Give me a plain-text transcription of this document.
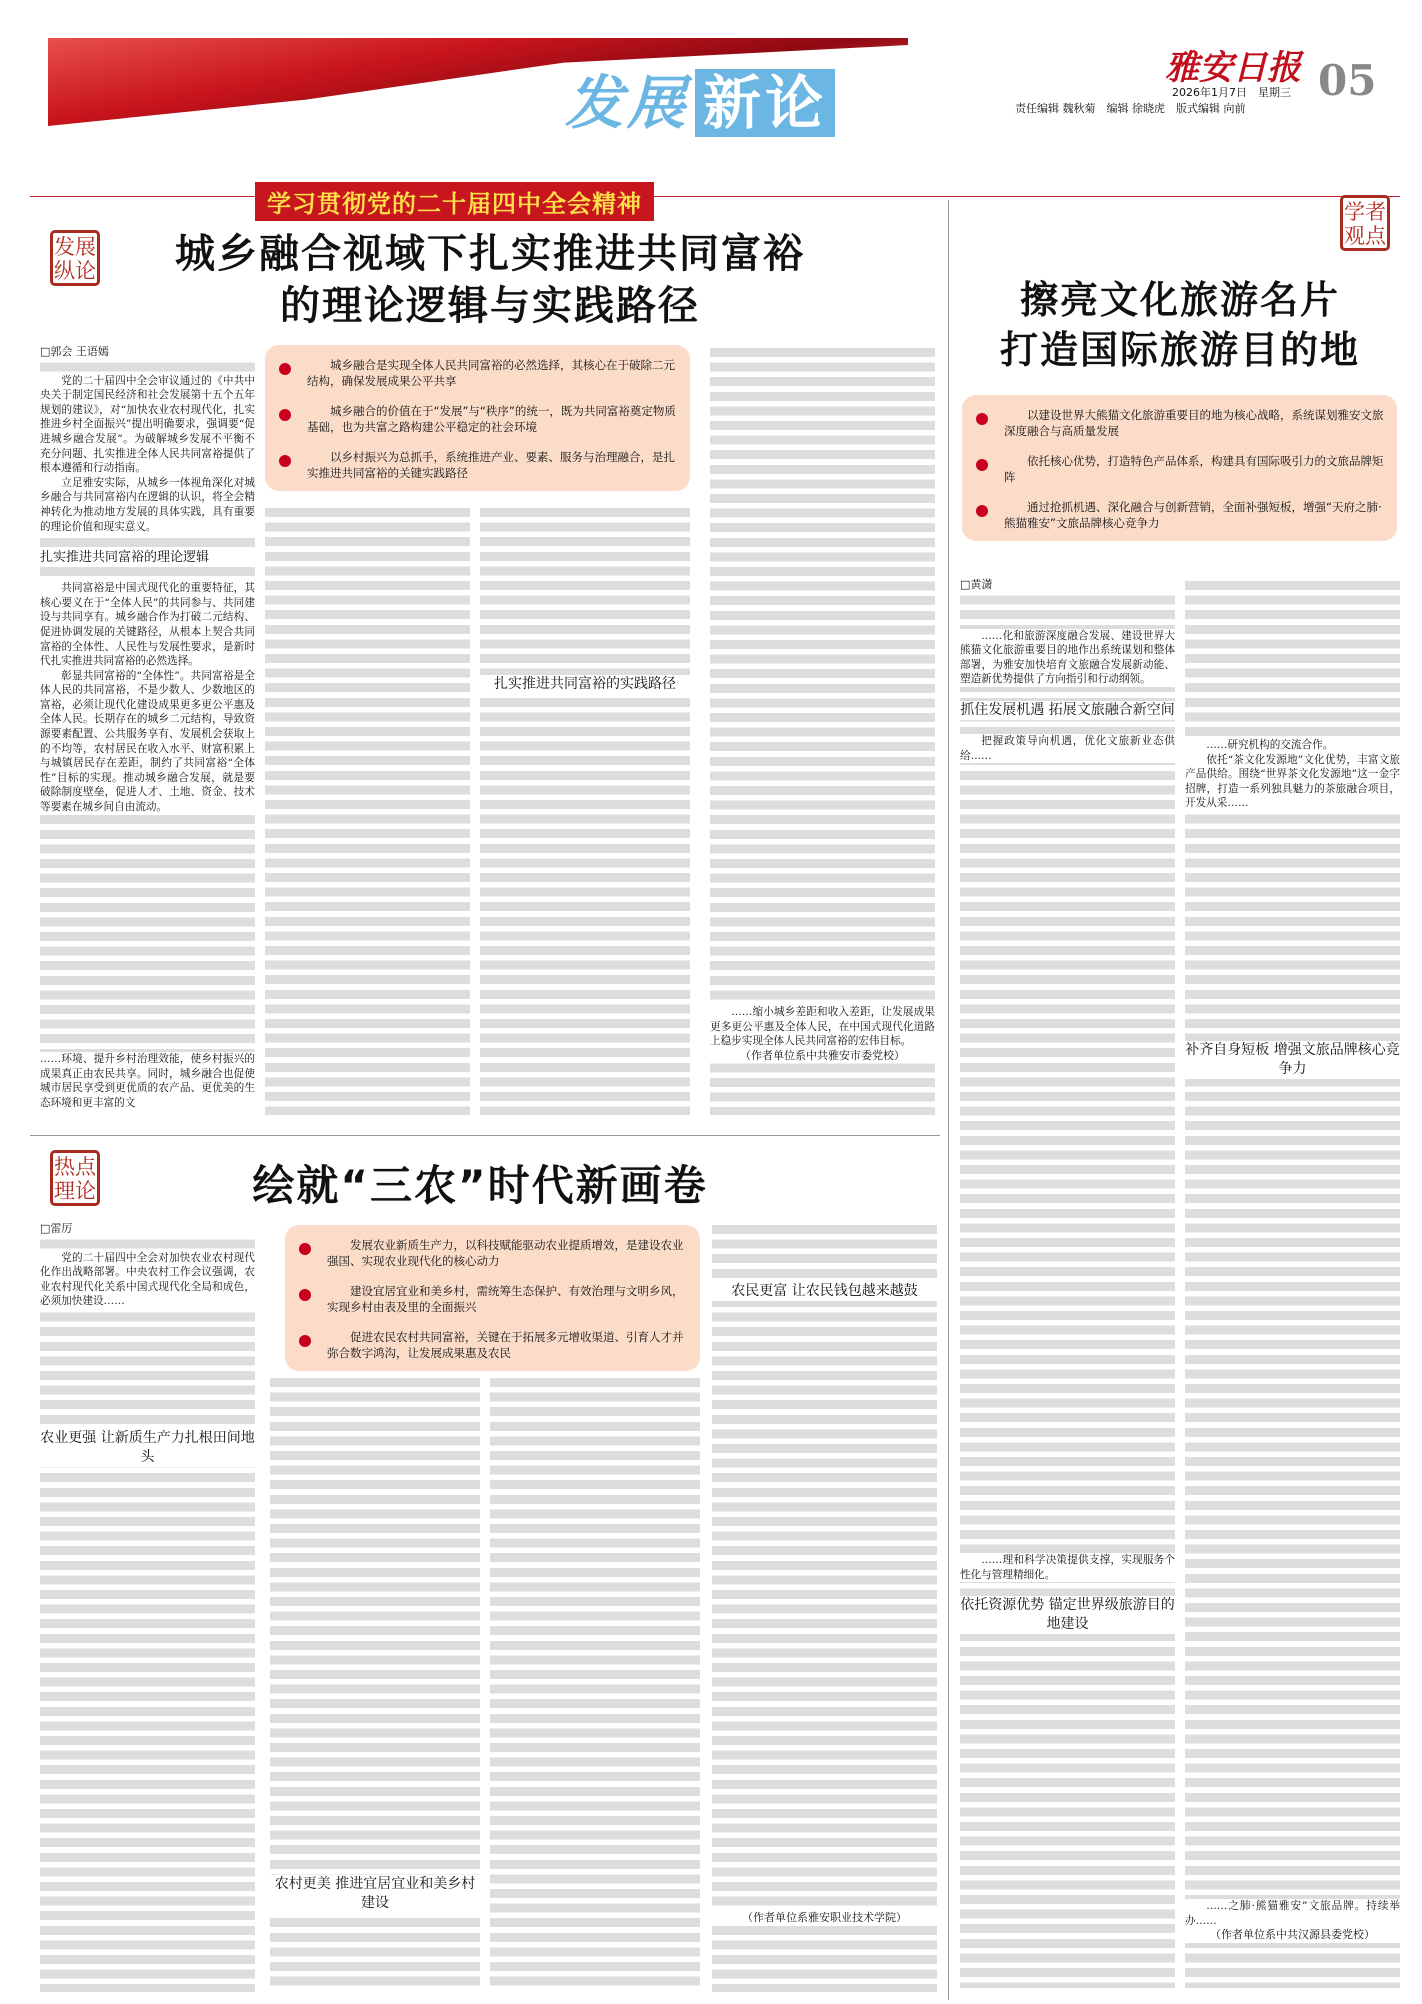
发展 新论
雅安日报 05
2026年1月7日　 星期三
责任编辑 魏秋菊　编辑 徐晓虎　版式编辑 向前
学习贯彻党的二十届四中全会精神
发展纵论	城乡融合视域下扎实推进共同富裕
的理论逻辑与实践路径
城乡融合是实现全体人民共同富裕的必然选择，其核心在于破除二元结构，确保发展成果公平共享
城乡融合的价值在于“发展”与“秩序”的统一，既为共同富裕奠定物质基础，也为共富之路构建公平稳定的社会环境
以乡村振兴为总抓手，系统推进产业、要素、服务与治理融合，是扎实推进共同富裕的关键实践路径

□郭会 王语嫣

党的二十届四中全会审议通过的《中共中央关于制定国民经济和社会发展第十五个五年规划的建议》，对“加快农业农村现代化，扎实推进乡村全面振兴”提出明确要求，强调要“促进城乡融合发展”。为破解城乡发展不平衡不充分问题、扎实推进全体人民共同富裕提供了根本遵循和行动指南。

立足雅安实际，从城乡一体视角深化对城乡融合与共同富裕内在逻辑的认识，将全会精神转化为推动地方发展的具体实践，具有重要的理论价值和现实意义。

扎实推进共同富裕的理论逻辑

共同富裕是中国式现代化的重要特征，其核心要义在于“全体人民”的共同参与、共同建设与共同享有。城乡融合作为打破二元结构、促进协调发展的关键路径，从根本上契合共同富裕的全体性、人民性与发展性要求，是新时代扎实推进共同富裕的必然选择。

彰显共同富裕的“全体性”。共同富裕是全体人民的共同富裕，不是少数人、少数地区的富裕，必须让现代化建设成果更多更公平惠及全体人民。长期存在的城乡二元结构，导致资源要素配置、公共服务享有、发展机会获取上的不均等，农村居民在收入水平、财富积累上与城镇居民存在差距，制约了共同富裕“全体性”目标的实现。推动城乡融合发展，就是要破除制度壁垒，促进人才、土地、资金、技术等要素在城乡间自由流动。

……环境、提升乡村治理效能，使乡村振兴的成果真正由农民共享。同时，城乡融合也促使城市居民享受到更优质的农产品、更优美的生态环境和更丰富的文

扎实推进共同富裕的实践路径

……缩小城乡差距和收入差距，让发展成果更多更公平惠及全体人民，在中国式现代化道路上稳步实现全体人民共同富裕的宏伟目标。

（作者单位系中共雅安市委党校）

学者观点
擦亮文化旅游名片
打造国际旅游目的地
以建设世界大熊猫文化旅游重要目的地为核心战略，系统谋划雅安文旅深度融合与高质量发展
依托核心优势，打造特色产品体系，构建具有国际吸引力的文旅品牌矩阵
通过抢抓机遇、深化融合与创新营销，全面补强短板，增强“天府之肺·熊猫雅安”文旅品牌核心竞争力

□黄潇

……化和旅游深度融合发展、建设世界大熊猫文化旅游重要目的地作出系统谋划和整体部署，为雅安加快培育文旅融合发展新动能、塑造新优势提供了方向指引和行动纲领。

抓住发展机遇 拓展文旅融合新空间

把握政策导向机遇，优化文旅新业态供给……

……理和科学决策提供支撑，实现服务个性化与管理精细化。

依托资源优势 锚定世界级旅游目的地建设

……研究机构的交流合作。

依托“茶文化发源地”文化优势，丰富文旅产品供给。围绕“世界茶文化发源地”这一金字招牌，打造一系列独具魅力的茶旅融合项目，开发从采……

补齐自身短板 增强文旅品牌核心竞争力

……之肺·熊猫雅安”文旅品牌。持续举办……

（作者单位系中共汉源县委党校）

热点理论	绘就“三农”时代新画卷
发展农业新质生产力，以科技赋能驱动农业提质增效，是建设农业强国、实现农业现代化的核心动力
建设宜居宜业和美乡村，需统筹生态保护、有效治理与文明乡风，实现乡村由表及里的全面振兴
促进农民农村共同富裕，关键在于拓展多元增收渠道、引育人才并弥合数字鸿沟，让发展成果惠及农民

□雷厉

党的二十届四中全会对加快农业农村现代化作出战略部署。中央农村工作会议强调，农业农村现代化关系中国式现代化全局和成色，必须加快建设……

农业更强 让新质生产力扎根田间地头

农村更美 推进宜居宜业和美乡村建设

农民更富 让农民钱包越来越鼓

（作者单位系雅安职业技术学院）
